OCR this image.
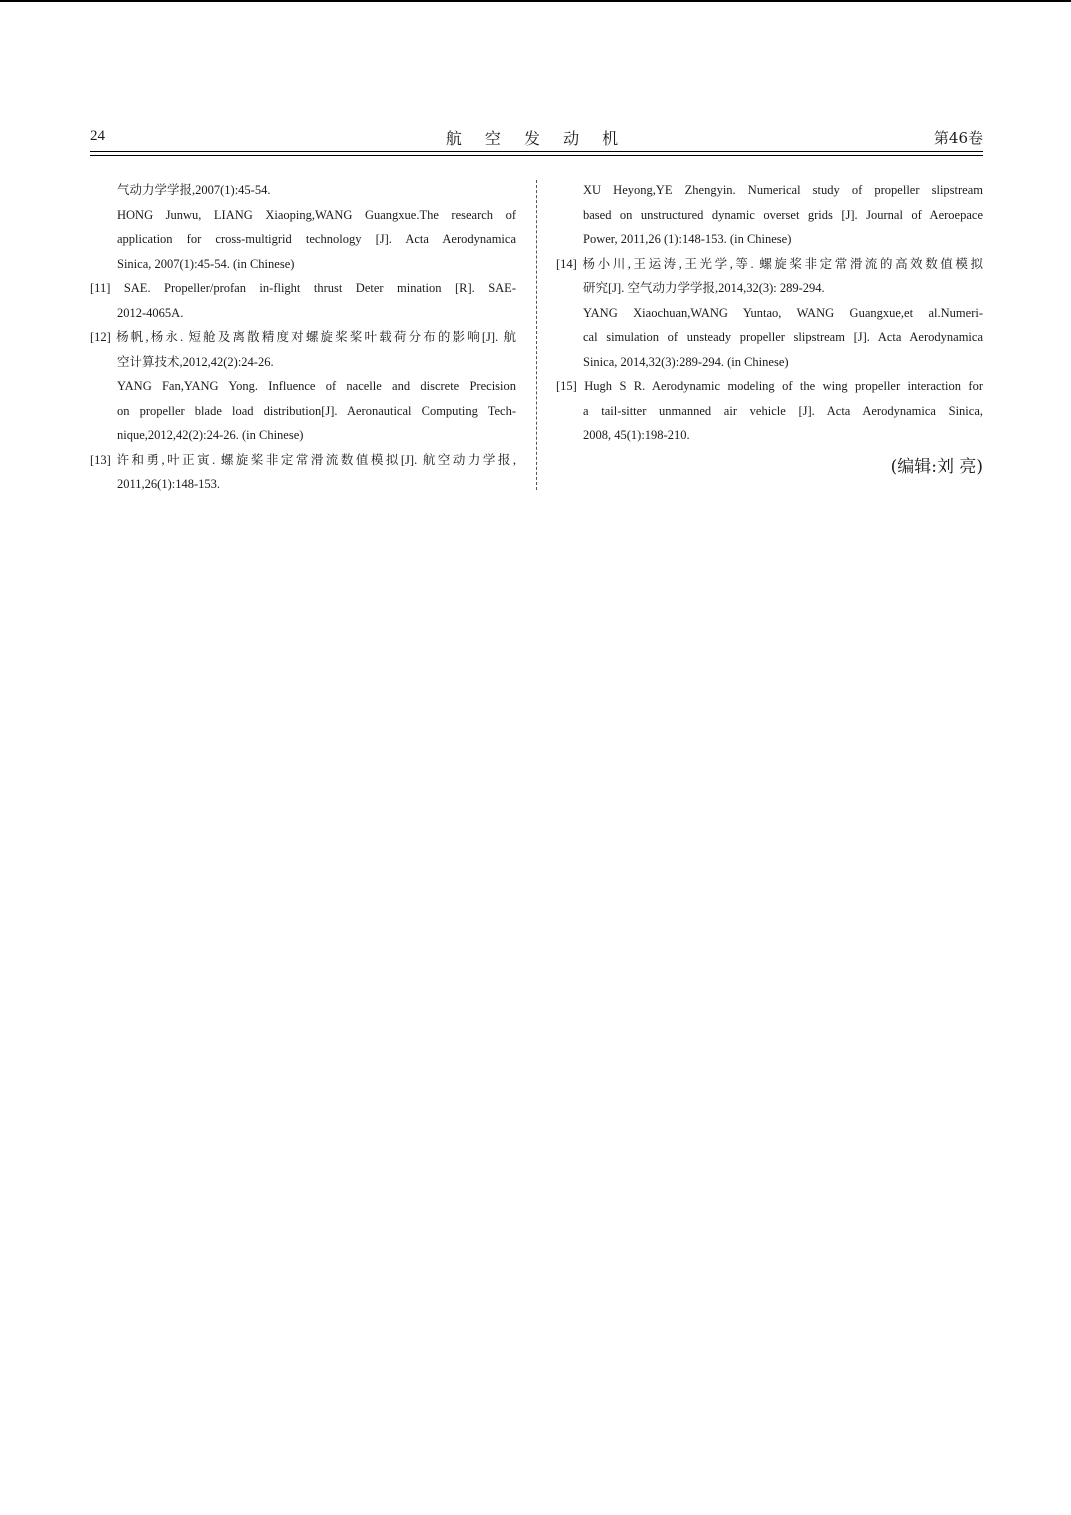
24	航 空 发 动 机	第46卷
气动力学学报,2007(1):45-54.
HONG Junwu, LIANG Xiaoping,WANG Guangxue.The research of
application for cross-multigrid technology [J]. Acta Aerodynamica
Sinica, 2007(1):45-54. (in Chinese)
[11] SAE. Propeller/profan in-flight thrust Deter mination [R]. SAE-
2012-4065A.
[12] 杨帆,杨永. 短舱及离散精度对螺旋桨桨叶载荷分布的影响[J]. 航
空计算技术,2012,42(2):24-26.
YANG Fan,YANG Yong. Influence of nacelle and discrete Precision
on propeller blade load distribution[J]. Aeronautical Computing Tech-
nique,2012,42(2):24-26. (in Chinese)
[13] 许和勇,叶正寅. 螺旋桨非定常滑流数值模拟[J]. 航空动力学报,
2011,26(1):148-153.
XU Heyong,YE Zhengyin. Numerical study of propeller slipstream
based on unstructured dynamic overset grids [J]. Journal of Aeroepace
Power, 2011,26 (1):148-153. (in Chinese)
[14] 杨小川,王运涛,王光学,等. 螺旋桨非定常滑流的高效数值模拟
研究[J]. 空气动力学学报,2014,32(3): 289-294.
YANG Xiaochuan,WANG Yuntao, WANG Guangxue,et al.Numeri-
cal simulation of unsteady propeller slipstream [J]. Acta Aerodynamica
Sinica, 2014,32(3):289-294. (in Chinese)
[15] Hugh S R. Aerodynamic modeling of the wing propeller interaction for
a tail-sitter unmanned air vehicle [J]. Acta Aerodynamica Sinica,
2008, 45(1):198-210.
(编辑:刘 亮)
